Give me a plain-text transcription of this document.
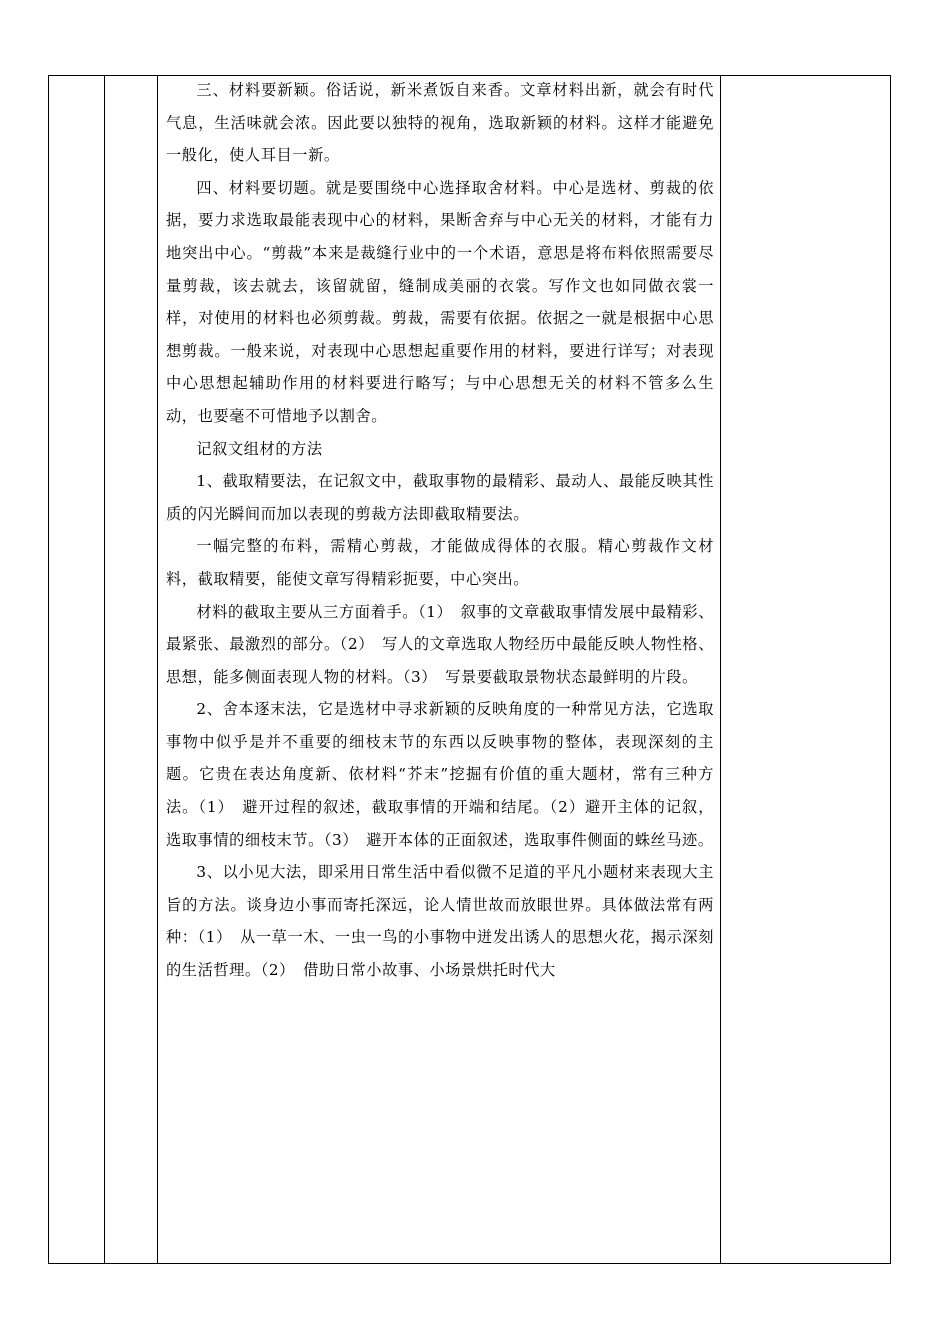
三、材料要新颖。俗话说，新米煮饭自来香。文章材料出新，就会有时代气息，生活味就会浓。因此要以独特的视角，选取新颖的材料。这样才能避免一般化，使人耳目一新。

四、材料要切题。就是要围绕中心选择取舍材料。中心是选材、剪裁的依据，要力求选取最能表现中心的材料，果断舍弃与中心无关的材料，才能有力地突出中心。“剪裁”本来是裁缝行业中的一个术语，意思是将布料依照需要尽量剪裁，该去就去，该留就留，缝制成美丽的衣裳。写作文也如同做衣裳一样，对使用的材料也必须剪裁。剪裁，需要有依据。依据之一就是根据中心思想剪裁。一般来说，对表现中心思想起重要作用的材料，要进行详写；对表现中心思想起辅助作用的材料要进行略写；与中心思想无关的材料不管多么生动，也要毫不可惜地予以割舍。

记叙文组材的方法

1、截取精要法，在记叙文中，截取事物的最精彩、最动人、最能反映其性质的闪光瞬间而加以表现的剪裁方法即截取精要法。

一幅完整的布料，需精心剪裁，才能做成得体的衣服。精心剪裁作文材料，截取精要，能使文章写得精彩扼要，中心突出。

材料的截取主要从三方面着手。（1）　叙事的文章截取事情发展中最精彩、最紧张、最激烈的部分。（2）　写人的文章选取人物经历中最能反映人物性格、思想，能多侧面表现人物的材料。（3）　写景要截取景物状态最鲜明的片段。

2、舍本逐末法，它是选材中寻求新颖的反映角度的一种常见方法，它选取事物中似乎是并不重要的细枝末节的东西以反映事物的整体，表现深刻的主题。它贵在表达角度新、依材料“芥末”挖掘有价值的重大题材，常有三种方法。（1）　避开过程的叙述，截取事情的开端和结尾。（2）避开主体的记叙，选取事情的细枝末节。（3）　避开本体的正面叙述，选取事件侧面的蛛丝马迹。

3、以小见大法，即采用日常生活中看似微不足道的平凡小题材来表现大主旨的方法。谈身边小事而寄托深远，论人情世故而放眼世界。具体做法常有两种：（1）　从一草一木、一虫一鸟的小事物中迸发出诱人的思想火花，揭示深刻的生活哲理。（2）　借助日常小故事、小场景烘托时代大
